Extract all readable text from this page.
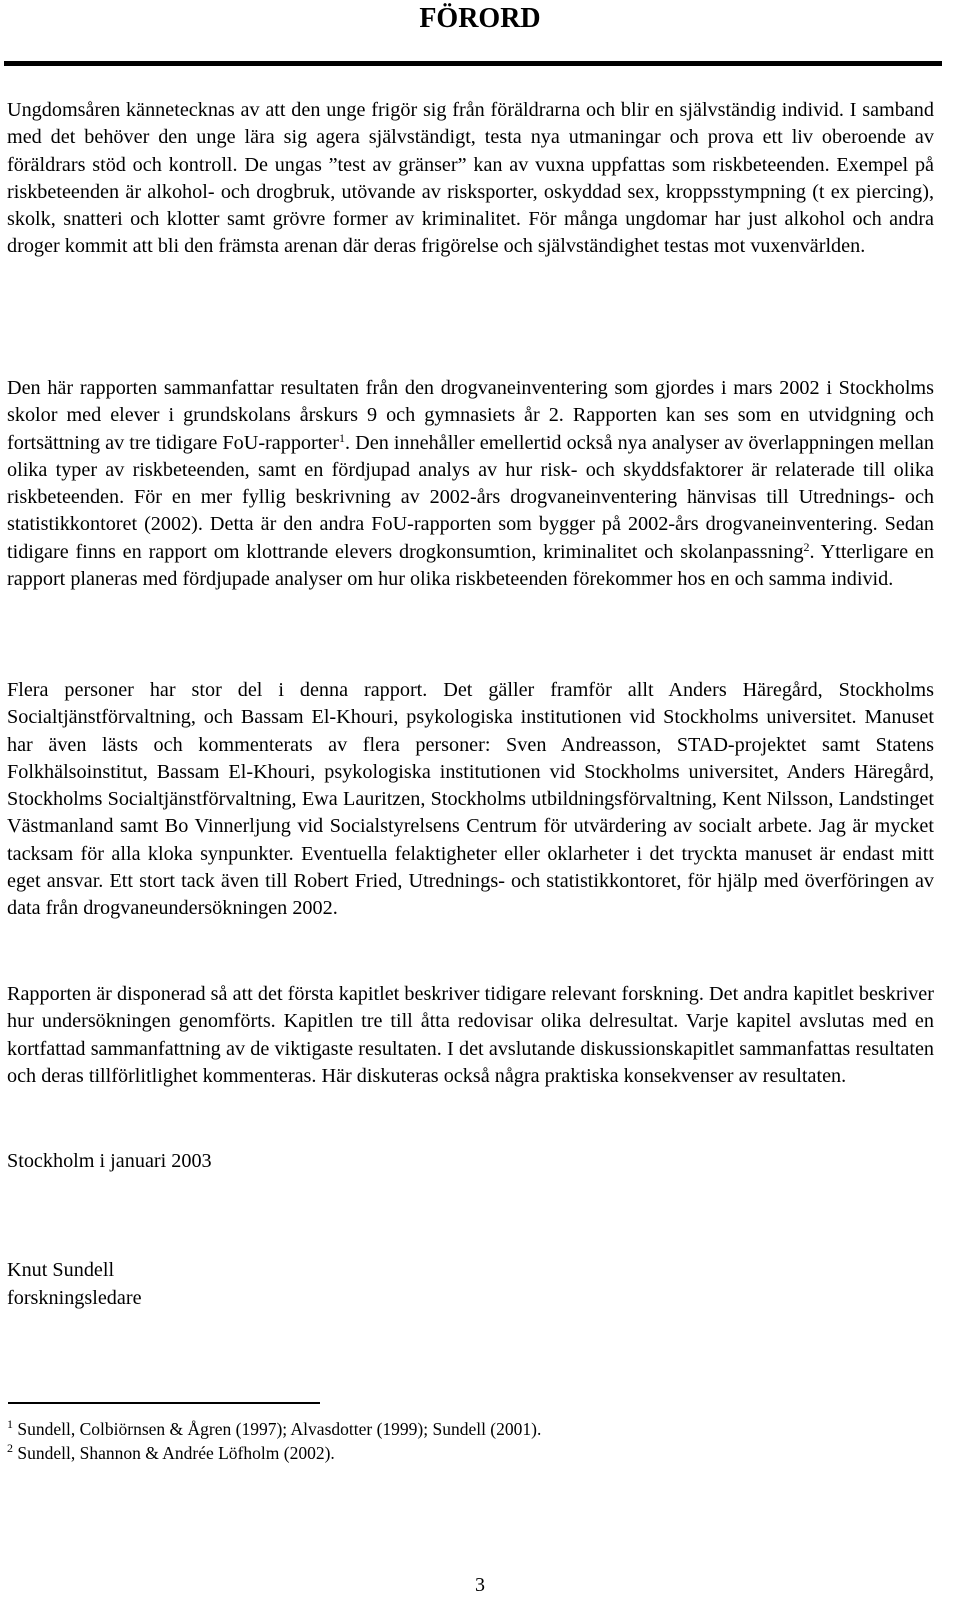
FÖRORD

Ungdomsåren kännetecknas av att den unge frigör sig från föräldrarna och blir en självständig individ. I samband med det behöver den unge lära sig agera självständigt, testa nya utmaningar och prova ett liv oberoende av föräldrars stöd och kontroll. De ungas ”test av gränser” kan av vuxna uppfattas som riskbeteenden. Exempel på riskbeteenden är alkohol- och drogbruk, utövande av risksporter, oskyddad sex, kroppsstympning (t ex piercing), skolk, snatteri och klotter samt grövre former av kriminalitet. För många ungdomar har just alkohol och andra droger kommit att bli den främsta arenan där deras frigörelse och självständighet testas mot vuxenvärlden.

Den här rapporten sammanfattar resultaten från den drogvaneinventering som gjordes i mars 2002 i Stockholms skolor med elever i grundskolans årskurs 9 och gymnasiets år 2. Rapporten kan ses som en utvidgning och fortsättning av tre tidigare FoU-rapporter$^1$. Den innehåller emellertid också nya analyser av överlappningen mellan olika typer av riskbeteenden, samt en fördjupad analys av hur risk- och skyddsfaktorer är relaterade till olika riskbeteenden. För en mer fyllig beskrivning av 2002-års drogvaneinventering hänvisas till Utrednings- och statistikkontoret (2002). Detta är den andra FoU-rapporten som bygger på 2002-års drogvaneinventering. Sedan tidigare finns en rapport om klottrande elevers drogkonsumtion, kriminalitet och skolanpassning$^2$. Ytterligare en rapport planeras med fördjupade analyser om hur olika riskbeteenden förekommer hos en och samma individ.

Flera personer har stor del i denna rapport. Det gäller framför allt Anders Häregård, Stockholms Socialtjänstförvaltning, och Bassam El-Khouri, psykologiska institutionen vid Stockholms universitet. Manuset har även lästs och kommenterats av flera personer: Sven Andreasson, STAD-projektet samt Statens Folkhälsoinstitut, Bassam El-Khouri, psykologiska institutionen vid Stockholms universitet, Anders Häregård, Stockholms Socialtjänstförvaltning, Ewa Lauritzen, Stockholms utbildningsförvaltning, Kent Nilsson, Landstinget Västmanland samt Bo Vinnerljung vid Socialstyrelsens Centrum för utvärdering av socialt arbete. Jag är mycket tacksam för alla kloka synpunkter. Eventuella felaktigheter eller oklarheter i det tryckta manuset är endast mitt eget ansvar. Ett stort tack även till Robert Fried, Utrednings- och statistikkontoret, för hjälp med överföringen av data från drogvaneundersökningen 2002.

Rapporten är disponerad så att det första kapitlet beskriver tidigare relevant forskning. Det andra kapitlet beskriver hur undersökningen genomförts. Kapitlen tre till åtta redovisar olika delresultat. Varje kapitel avslutas med en kortfattad sammanfattning av de viktigaste resultaten. I det avslutande diskussionskapitlet sammanfattas resultaten och deras tillförlitlighet kommenteras. Här diskuteras också några praktiska konsekvenser av resultaten.

Stockholm i januari 2003

Knut Sundell

forskningsledare

$^1$ Sundell, Colbiörnsen & Ågren (1997); Alvasdotter (1999); Sundell (2001).

$^2$ Sundell, Shannon & Andrée Löfholm (2002).

3
